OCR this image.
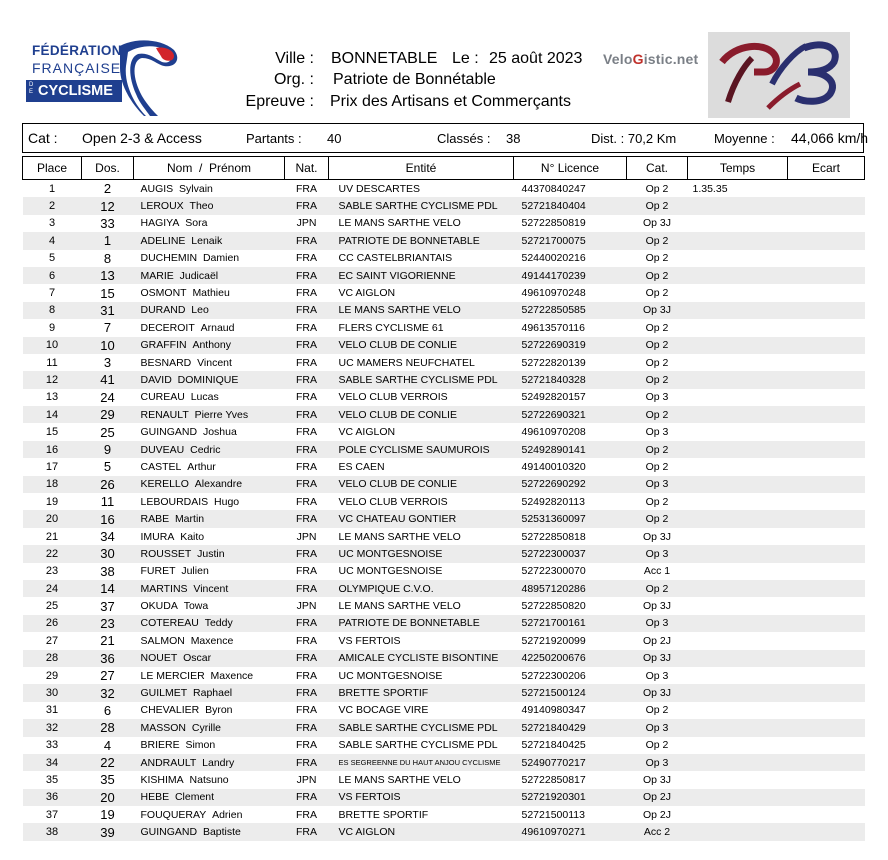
FÉDÉRATION
FRANÇAISE
DE CYCLISME
Ville : BONNETABLE Le : 25 août 2023 VeloGistic.net
Org. : Patriote de Bonnétable
Epreuve : Prix des Artisans et Commerçants
Cat : Open 2-3 & Access	Partants : 40	Classés : 38	Dist. : 70,2 Km	Moyenne : 44,066 km/h
Place	Dos.	Nom  /  Prénom	Nat.	Entité	N° Licence	Cat.	Temps	Ecart
1	2	AUGIS Sylvain	FRA	UV DESCARTES	44370840247	Op 2	1.35.35	
2	12	LEROUX Theo	FRA	SABLE SARTHE CYCLISME PDL	52721840404	Op 2		
3	33	HAGIYA Sora	JPN	LE MANS SARTHE VELO	52722850819	Op 3J		
4	1	ADELINE Lenaik	FRA	PATRIOTE DE BONNETABLE	52721700075	Op 2		
5	8	DUCHEMIN Damien	FRA	CC CASTELBRIANTAIS	52440020216	Op 2		
6	13	MARIE Judicaël	FRA	EC SAINT VIGORIENNE	49144170239	Op 2		
7	15	OSMONT Mathieu	FRA	VC AIGLON	49610970248	Op 2		
8	31	DURAND Leo	FRA	LE MANS SARTHE VELO	52722850585	Op 3J		
9	7	DECEROIT Arnaud	FRA	FLERS CYCLISME 61	49613570116	Op 2		
10	10	GRAFFIN Anthony	FRA	VELO CLUB DE CONLIE	52722690319	Op 2		
11	3	BESNARD Vincent	FRA	UC MAMERS NEUFCHATEL	52722820139	Op 2		
12	41	DAVID DOMINIQUE	FRA	SABLE SARTHE CYCLISME PDL	52721840328	Op 2		
13	24	CUREAU Lucas	FRA	VELO CLUB VERROIS	52492820157	Op 3		
14	29	RENAULT Pierre Yves	FRA	VELO CLUB DE CONLIE	52722690321	Op 2		
15	25	GUINGAND Joshua	FRA	VC AIGLON	49610970208	Op 3		
16	9	DUVEAU Cedric	FRA	POLE CYCLISME SAUMUROIS	52492890141	Op 2		
17	5	CASTEL Arthur	FRA	ES CAEN	49140010320	Op 2		
18	26	KERELLO Alexandre	FRA	VELO CLUB DE CONLIE	52722690292	Op 3		
19	11	LEBOURDAIS Hugo	FRA	VELO CLUB VERROIS	52492820113	Op 2		
20	16	RABE Martin	FRA	VC CHATEAU GONTIER	52531360097	Op 2		
21	34	IMURA Kaito	JPN	LE MANS SARTHE VELO	52722850818	Op 3J		
22	30	ROUSSET Justin	FRA	UC MONTGESNOISE	52722300037	Op 3		
23	38	FURET Julien	FRA	UC MONTGESNOISE	52722300070	Acc 1		
24	14	MARTINS Vincent	FRA	OLYMPIQUE C.V.O.	48957120286	Op 2		
25	37	OKUDA Towa	JPN	LE MANS SARTHE VELO	52722850820	Op 3J		
26	23	COTEREAU Teddy	FRA	PATRIOTE DE BONNETABLE	52721700161	Op 3		
27	21	SALMON Maxence	FRA	VS FERTOIS	52721920099	Op 2J		
28	36	NOUET Oscar	FRA	AMICALE CYCLISTE BISONTINE	42250200676	Op 3J		
29	27	LE MERCIER Maxence	FRA	UC MONTGESNOISE	52722300206	Op 3		
30	32	GUILMET Raphael	FRA	BRETTE SPORTIF	52721500124	Op 3J		
31	6	CHEVALIER Byron	FRA	VC BOCAGE VIRE	49140980347	Op 2		
32	28	MASSON Cyrille	FRA	SABLE SARTHE CYCLISME PDL	52721840429	Op 3		
33	4	BRIERE Simon	FRA	SABLE SARTHE CYCLISME PDL	52721840425	Op 2		
34	22	ANDRAULT Landry	FRA	ES SEGREENNE DU HAUT ANJOU CYCLISME	52490770217	Op 3		
35	35	KISHIMA Natsuno	JPN	LE MANS SARTHE VELO	52722850817	Op 3J		
36	20	HEBE Clement	FRA	VS FERTOIS	52721920301	Op 2J		
37	19	FOUQUERAY Adrien	FRA	BRETTE SPORTIF	52721500113	Op 2J		
38	39	GUINGAND Baptiste	FRA	VC AIGLON	49610970271	Acc 2		
